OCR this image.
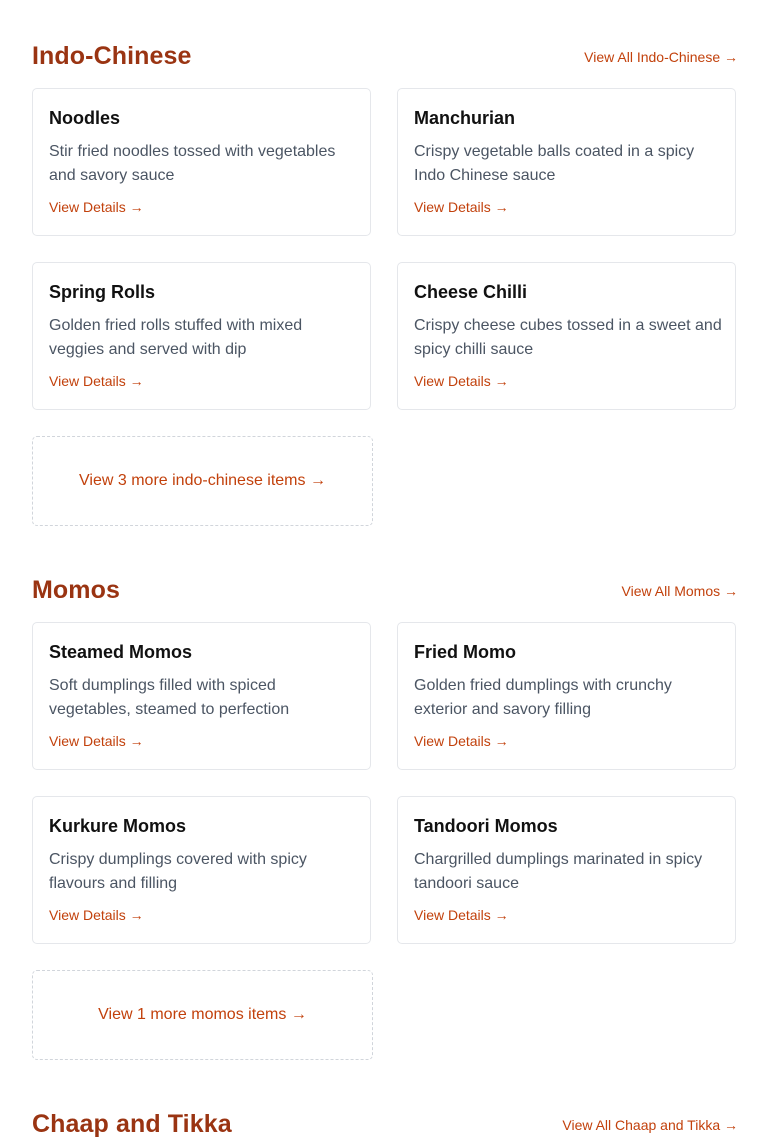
Indo-Chinese	View All Indo-Chinese →
Noodles

Stir fried noodles tossed with vegetables and savory sauce

View Details →
Manchurian

Crispy vegetable balls coated in a spicy Indo Chinese sauce

View Details →
Spring Rolls

Golden fried rolls stuffed with mixed veggies and served with dip

View Details →
Cheese Chilli

Crispy cheese cubes tossed in a sweet and spicy chilli sauce

View Details →
View 3 more indo-chinese items →
Momos	View All Momos →
Steamed Momos

Soft dumplings filled with spiced vegetables, steamed to perfection

View Details →
Fried Momo

Golden fried dumplings with crunchy exterior and savory filling

View Details →
Kurkure Momos

Crispy dumplings covered with spicy flavours and filling

View Details →
Tandoori Momos

Chargrilled dumplings marinated in spicy tandoori sauce

View Details →
View 1 more momos items →
Chaap and Tikka	View All Chaap and Tikka →
